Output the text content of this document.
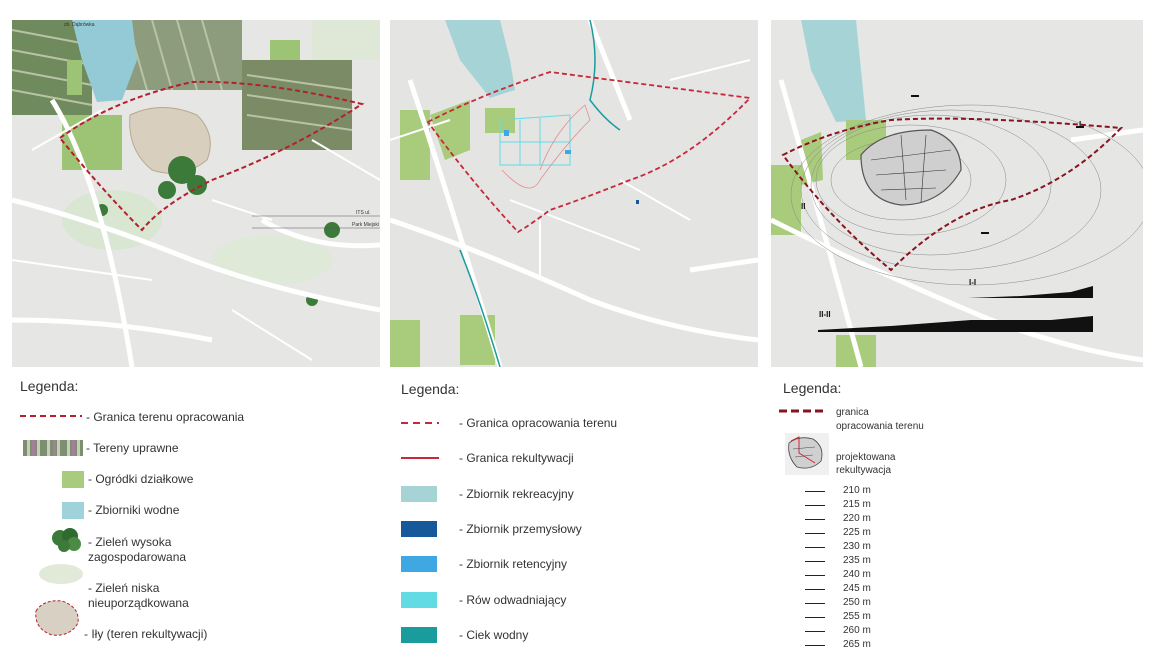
zb. Dąbrówka
ITS ul.
Park Miejski
I-I
II-II
I
II
Legenda:
- Granica terenu opracowania
- Tereny uprawne
- Ogródki działkowe
- Zbiorniki wodne
- Zieleń wysoka zagospodarowana
- Zieleń niska nieuporządkowana
- Iły (teren rekultywacji)
Legenda:
- Granica opracowania terenu
- Granica rekultywacji
- Zbiornik rekreacyjny
- Zbiornik przemysłowy
- Zbiornik retencyjny
- Rów odwadniający
- Ciek wodny
Legenda:
granica
opracowania terenu
projektowana
rekultywacja
210 m
215 m
220 m
225 m
230 m
235 m
240 m
245 m
250 m
255 m
260 m
265 m
